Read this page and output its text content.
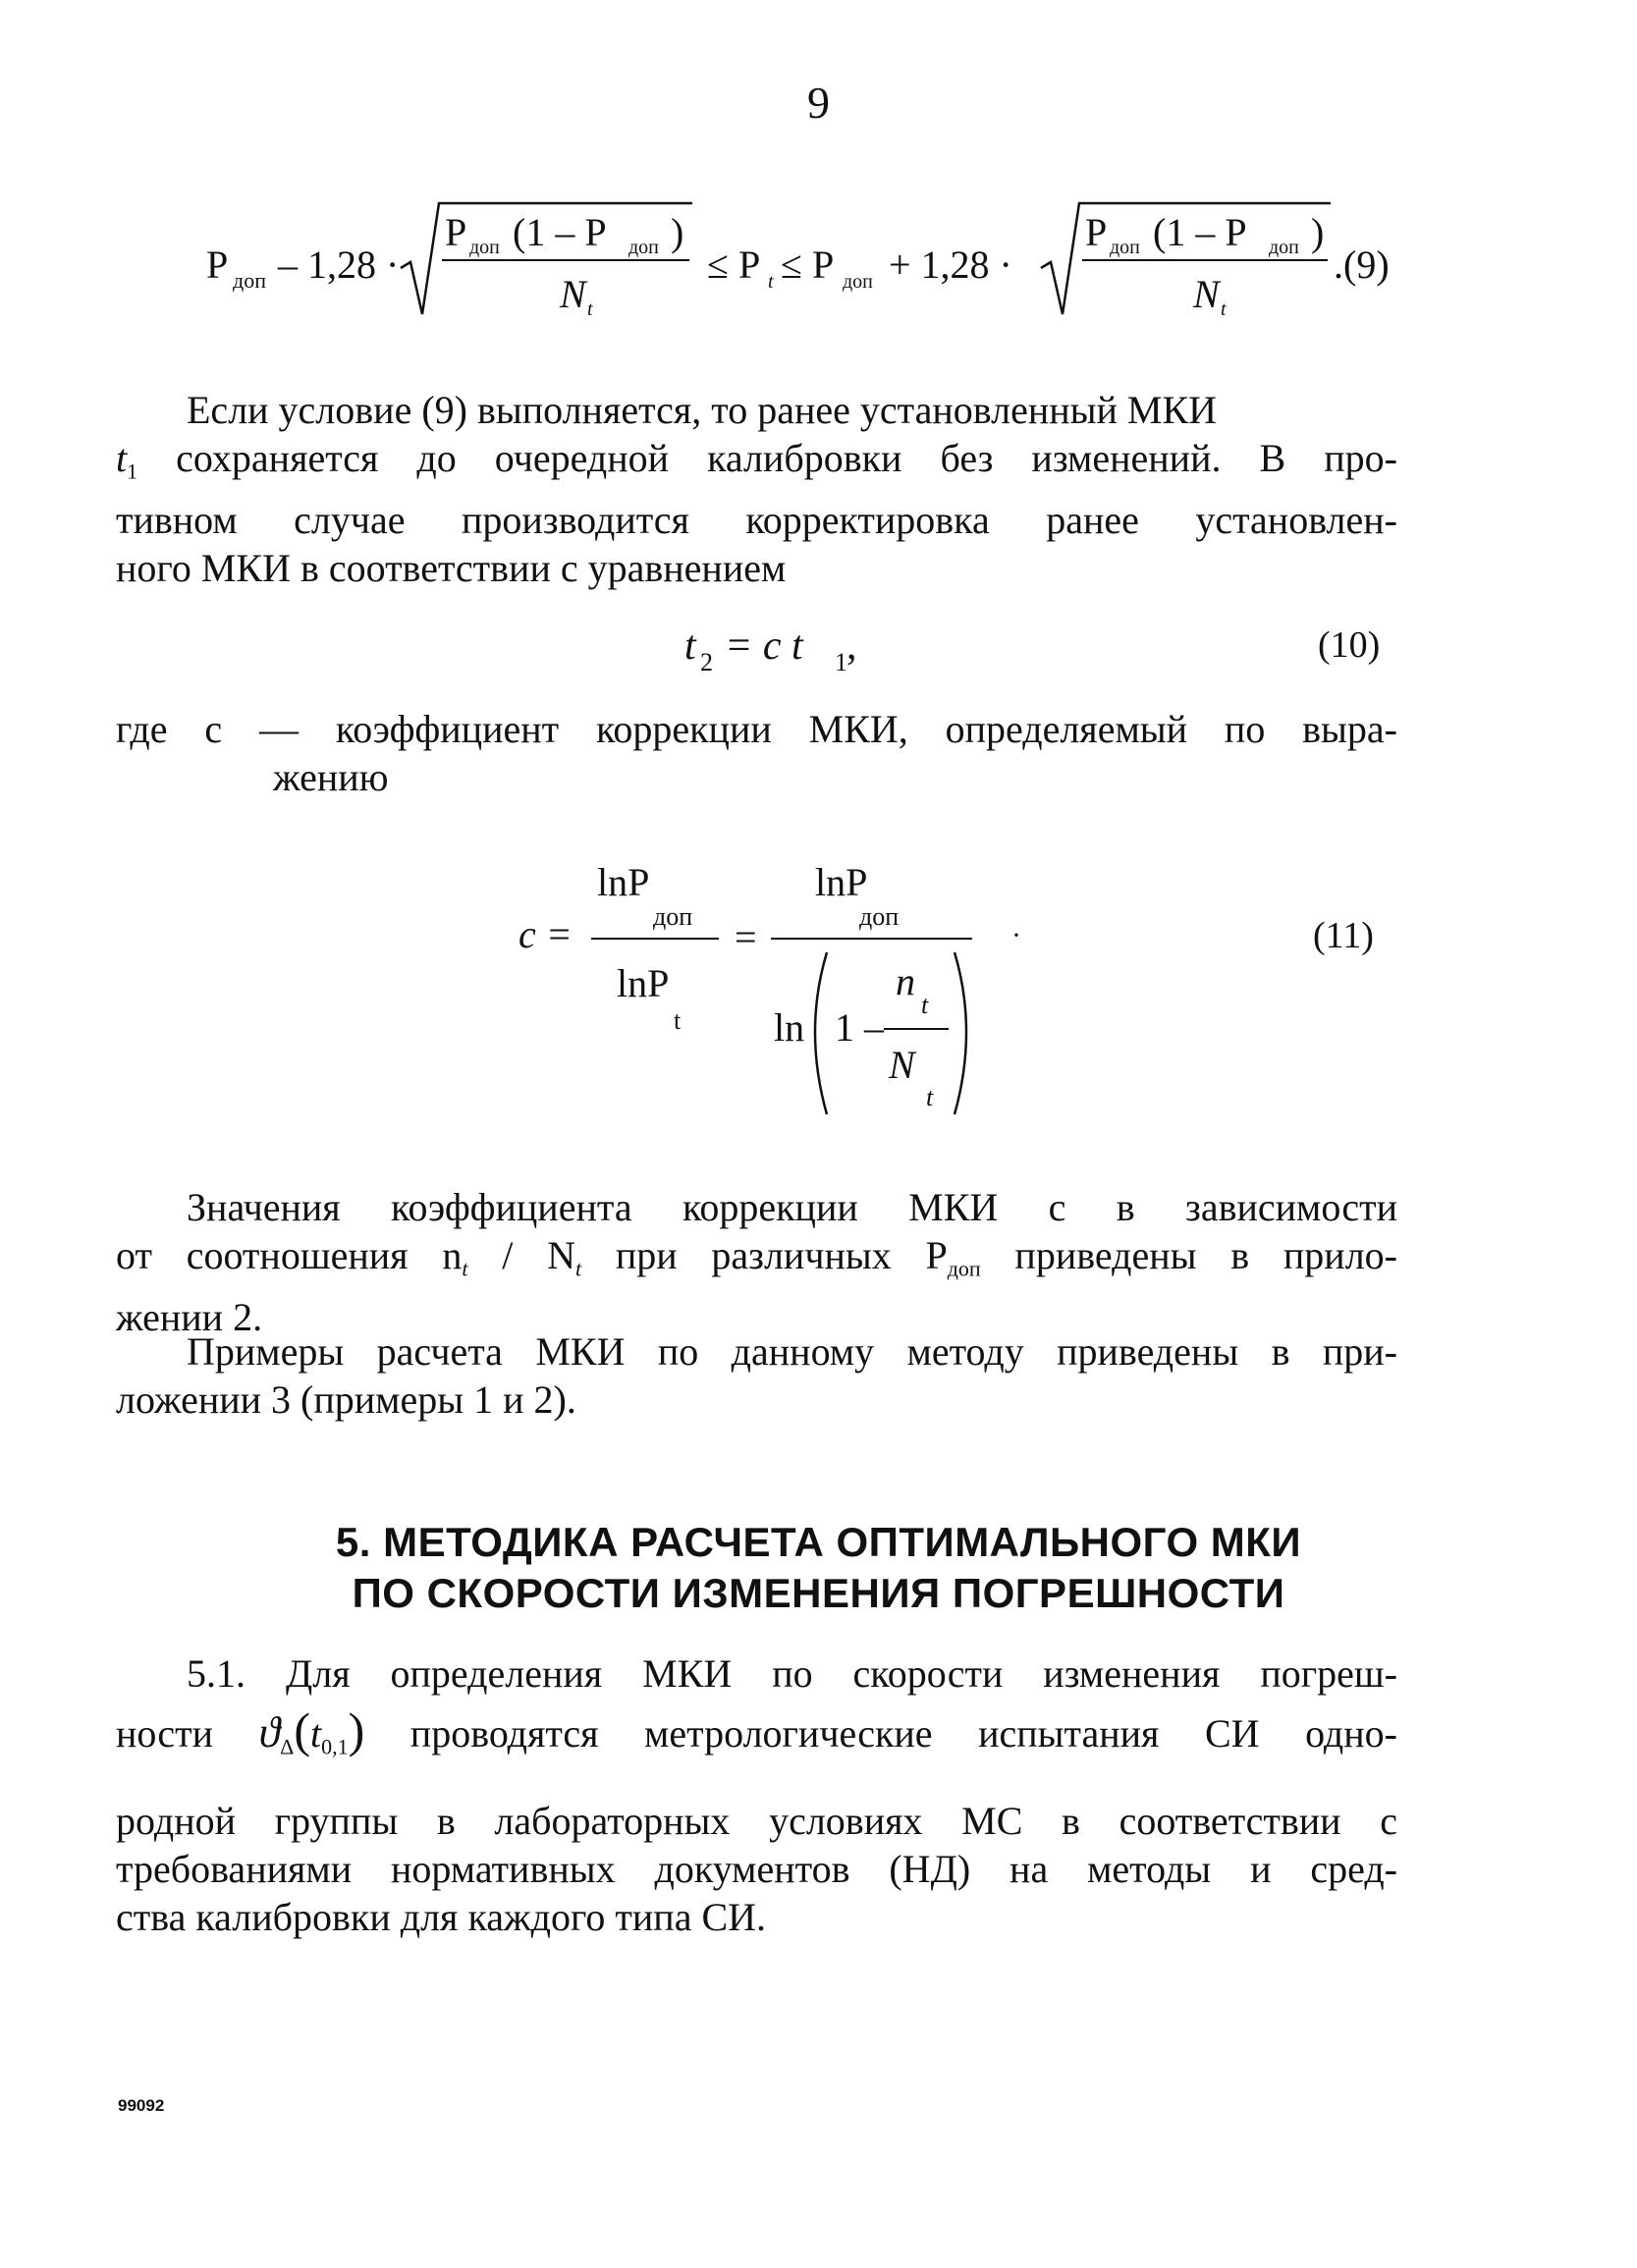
9
P доп – 1,28 ·
P доп (1 – P доп )
N t
≤ P t ≤ P доп + 1,28 ·
P доп (1 – P доп )
N t
.(9)
Если условие (9) выполняется, то ранее установленный МКИ
t1 сохраняется до очередной калибровки без изменений. В про-
тивном случае производится корректировка ранее установлен-
ного МКИ в соответствии с уравнением
t 2 = c t 1 ,	(10)
где c — коэффициент коррекции МКИ, определяемый по выра-
жению
c =
lnP
доп
lnP
t
=
lnP
доп
ln 1 –
n
t
N
t
·	(11)
Значения коэффициента коррекции МКИ c в зависимости
от соотношения nt / Nt при различных Pдоп приведены в прило-
жении 2.
Примеры расчета МКИ по данному методу приведены в при-
ложении 3 (примеры 1 и 2).
5. МЕТОДИКА РАСЧЕТА ОПТИМАЛЬНОГО МКИ
ПО СКОРОСТИ ИЗМЕНЕНИЯ ПОГРЕШНОСТИ
5.1. Для определения МКИ по скорости изменения погреш-
ности ϑΔ(t0,1) проводятся метрологические испытания СИ одно-
родной группы в лабораторных условиях МС в соответствии с
требованиями нормативных документов (НД) на методы и сред-
ства калибровки для каждого типа СИ.
99092
